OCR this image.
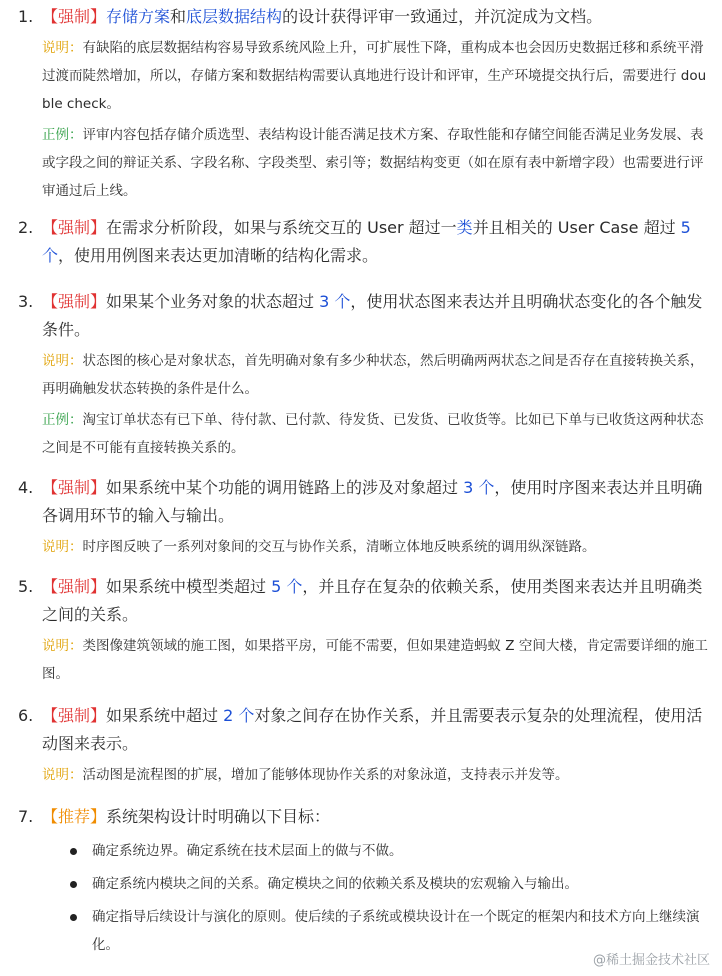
1. 【强制】存储方案和底层数据结构的设计获得评审一致通过，并沉淀成为文档。
说明：有缺陷的底层数据结构容易导致系统风险上升，可扩展性下降，重构成本也会因历史数据迁移和系统平滑过渡而陡然增加，所以，存储方案和数据结构需要认真地进行设计和评审，生产环境提交执行后，需要进行 double check。
正例：评审内容包括存储介质选型、表结构设计能否满足技术方案、存取性能和存储空间能否满足业务发展、表或字段之间的辩证关系、字段名称、字段类型、索引等；数据结构变更（如在原有表中新增字段）也需要进行评审通过后上线。
2. 【强制】在需求分析阶段，如果与系统交互的 User 超过一类并且相关的 User Case 超过 5 个，使用用例图来表达更加清晰的结构化需求。
3. 【强制】如果某个业务对象的状态超过 3 个，使用状态图来表达并且明确状态变化的各个触发条件。
说明：状态图的核心是对象状态，首先明确对象有多少种状态，然后明确两两状态之间是否存在直接转换关系，再明确触发状态转换的条件是什么。
正例：淘宝订单状态有已下单、待付款、已付款、待发货、已发货、已收货等。比如已下单与已收货这两种状态之间是不可能有直接转换关系的。
4. 【强制】如果系统中某个功能的调用链路上的涉及对象超过 3 个，使用时序图来表达并且明确各调用环节的输入与输出。
说明：时序图反映了一系列对象间的交互与协作关系，清晰立体地反映系统的调用纵深链路。
5. 【强制】如果系统中模型类超过 5 个，并且存在复杂的依赖关系，使用类图来表达并且明确类之间的关系。
说明：类图像建筑领域的施工图，如果搭平房，可能不需要，但如果建造蚂蚁 Z 空间大楼，肯定需要详细的施工图。
6. 【强制】如果系统中超过 2 个对象之间存在协作关系，并且需要表示复杂的处理流程，使用活动图来表示。
说明：活动图是流程图的扩展，增加了能够体现协作关系的对象泳道，支持表示并发等。
7. 【推荐】系统架构设计时明确以下目标：
确定系统边界。确定系统在技术层面上的做与不做。
确定系统内模块之间的关系。确定模块之间的依赖关系及模块的宏观输入与输出。
确定指导后续设计与演化的原则。使后续的子系统或模块设计在一个既定的框架内和技术方向上继续演化。
@稀土掘金技术社区
